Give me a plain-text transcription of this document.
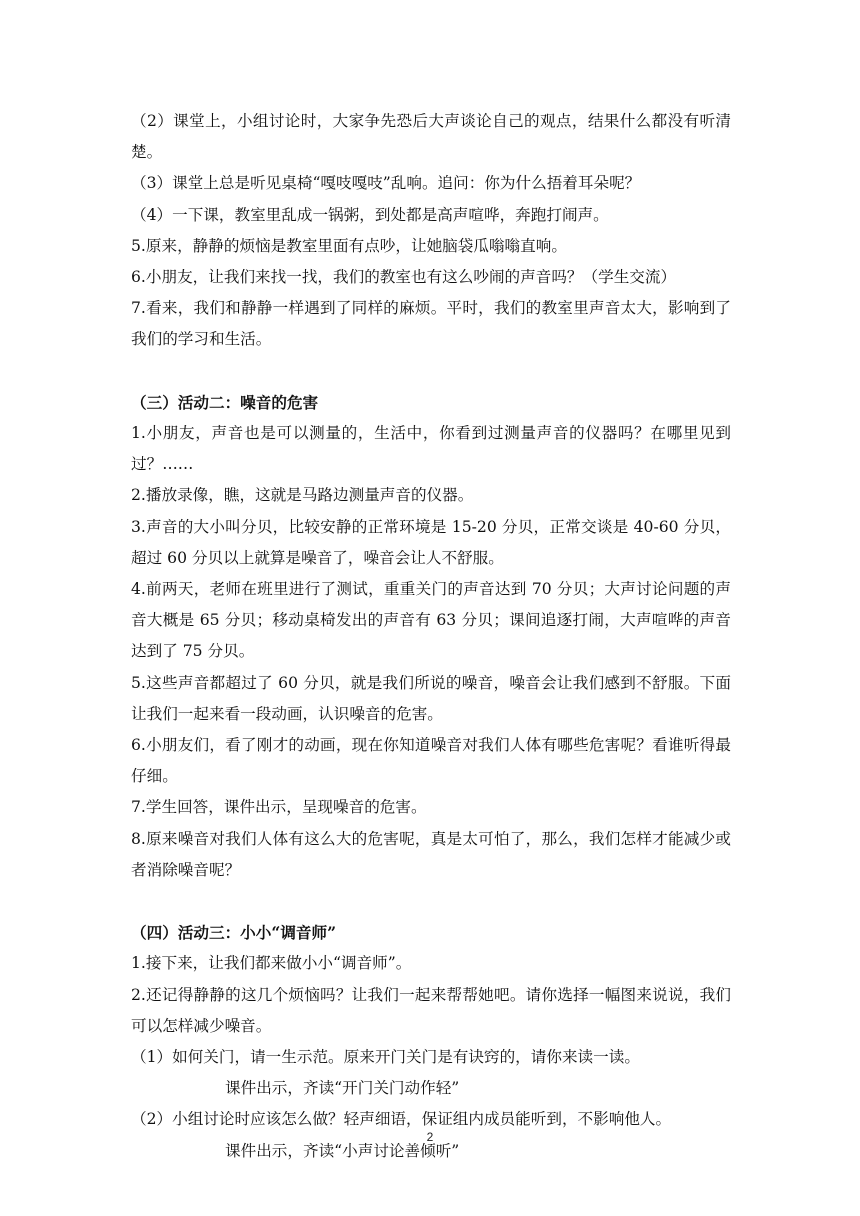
（2）课堂上，小组讨论时，大家争先恐后大声谈论自己的观点，结果什么都没有听清楚。

（3）课堂上总是听见桌椅“嘎吱嘎吱”乱响。追问：你为什么捂着耳朵呢？

（4）一下课，教室里乱成一锅粥，到处都是高声喧哗，奔跑打闹声。

5.原来，静静的烦恼是教室里面有点吵，让她脑袋瓜嗡嗡直响。

6.小朋友，让我们来找一找，我们的教室也有这么吵闹的声音吗？（学生交流）

7.看来，我们和静静一样遇到了同样的麻烦。平时，我们的教室里声音太大，影响到了我们的学习和生活。

（三）活动二：噪音的危害

1.小朋友，声音也是可以测量的，生活中，你看到过测量声音的仪器吗？在哪里见到过？……

2.播放录像，瞧，这就是马路边测量声音的仪器。

3.声音的大小叫分贝，比较安静的正常环境是 15-20 分贝，正常交谈是 40-60 分贝，超过 60 分贝以上就算是噪音了，噪音会让人不舒服。

4.前两天，老师在班里进行了测试，重重关门的声音达到 70 分贝；大声讨论问题的声音大概是 65 分贝；移动桌椅发出的声音有 63 分贝；课间追逐打闹，大声喧哗的声音达到了 75 分贝。

5.这些声音都超过了 60 分贝，就是我们所说的噪音，噪音会让我们感到不舒服。下面让我们一起来看一段动画，认识噪音的危害。

6.小朋友们，看了刚才的动画，现在你知道噪音对我们人体有哪些危害呢？看谁听得最仔细。

7.学生回答，课件出示，呈现噪音的危害。

8.原来噪音对我们人体有这么大的危害呢，真是太可怕了，那么，我们怎样才能减少或者消除噪音呢？

（四）活动三：小小“调音师”

1.接下来，让我们都来做小小“调音师”。

2.还记得静静的这几个烦恼吗？让我们一起来帮帮她吧。请你选择一幅图来说说，我们可以怎样减少噪音。

（1）如何关门，请一生示范。原来开门关门是有诀窍的，请你来读一读。

课件出示，齐读“开门关门动作轻”

（2）小组讨论时应该怎么做？轻声细语，保证组内成员能听到，不影响他人。

课件出示，齐读“小声讨论善倾听”

2
